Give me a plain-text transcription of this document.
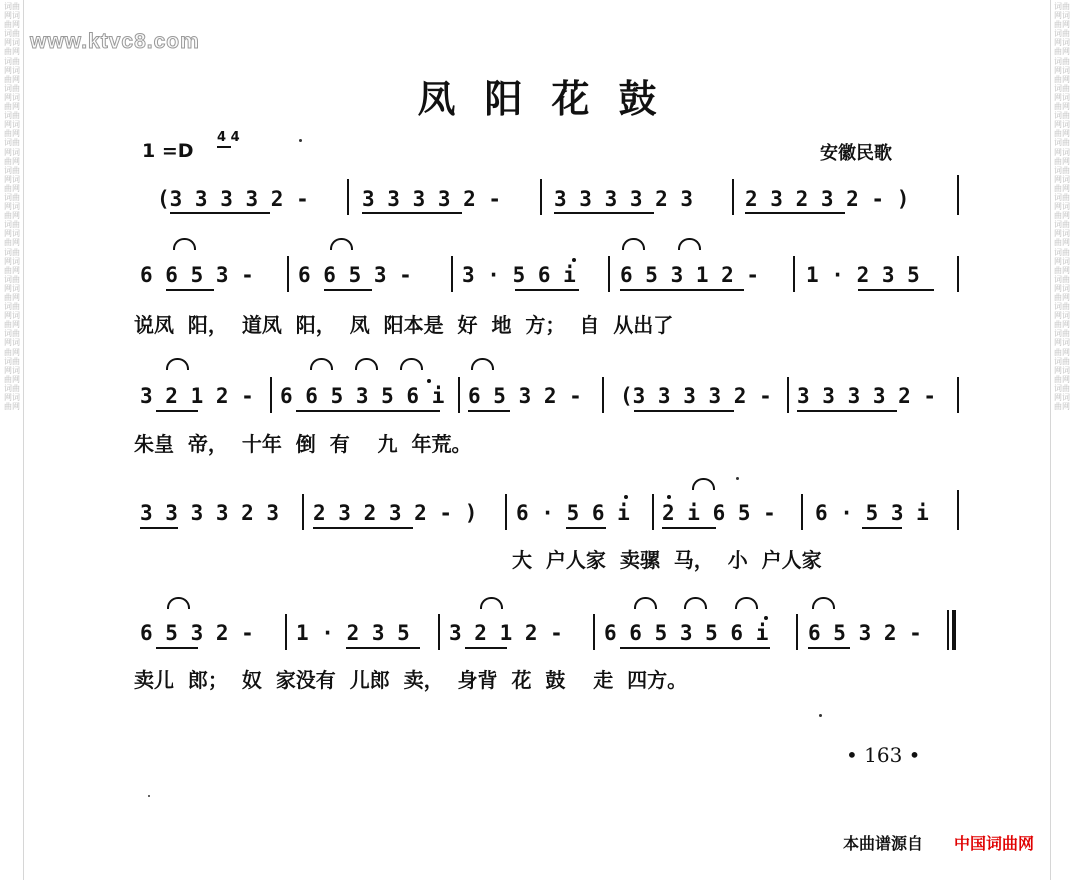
词曲网词曲网词曲网词曲网词曲网词曲网词曲网词曲网词曲网词曲网词曲网词曲网词曲网词曲网词曲网词曲网词曲网词曲网词曲网词曲网词曲网词曲网词曲网词曲网词曲网词曲网词曲网词曲网词曲网词曲网
词曲网词曲网词曲网词曲网词曲网词曲网词曲网词曲网词曲网词曲网词曲网词曲网词曲网词曲网词曲网词曲网词曲网词曲网词曲网词曲网词曲网词曲网词曲网词曲网词曲网词曲网词曲网词曲网词曲网词曲网
www.ktvc8.com
凤阳花鼓
1 =D
4 4
安徽民歌
(3 3 3 3 2 -	3 3 3 3 2 -	3 3 3 3 2 3 2 3 2 3 2 - )
6 6 5 3 - 6 6 5 3 - 3 · 5 6 i 6 5 3 1 2 - 1 · 2 3 5
说凤  阳，  道凤  阳，  凤  阳本是  好  地  方；  自  从出了
3 2 1 2 - 6 6 5 3 5 6 i 6 5 3 2 - (3 3 3 3 2 - 3 3 3 3 2 -
朱皇  帝，  十年  倒  有    九  年荒。
3 3 3 3 2 3 2 3 2 3 2 - ) 6 · 5 6 i 2 i 6 5 - 6 · 5 3 i
大  户人家  卖骡  马，  小  户人家
6 5 3 2 - 1 · 2 3 5 3 2 1 2 - 6 6 5 3 5 6 i 6 5 3 2 -
卖儿  郎；  奴  家没有  儿郎  卖，  身背  花  鼓    走  四方。
• 163 •
本曲谱源自 中国词曲网
